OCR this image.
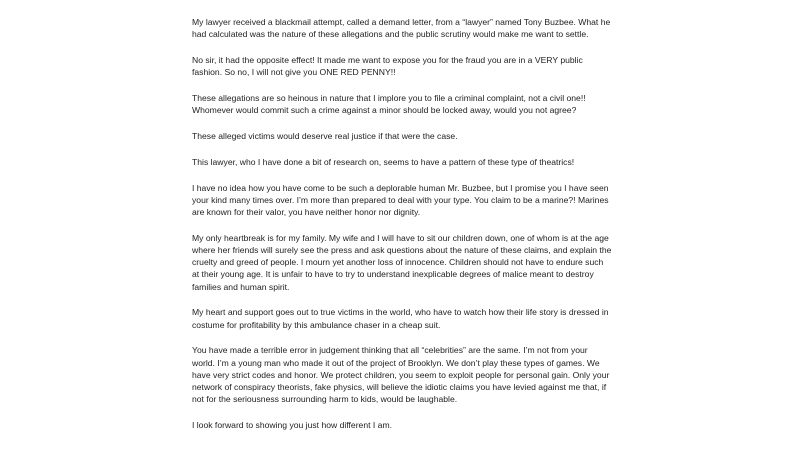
My lawyer received a blackmail attempt, called a demand letter, from a “lawyer” named Tony Buzbee. What he had calculated was the nature of these allegations and the public scrutiny would make me want to settle.

No sir, it had the opposite effect! It made me want to expose you for the fraud you are in a VERY public fashion. So no, I will not give you ONE RED PENNY!!

These allegations are so heinous in nature that I implore you to file a criminal complaint, not a civil one!! Whomever would commit such a crime against a minor should be locked away, would you not agree?

These alleged victims would deserve real justice if that were the case.

This lawyer, who I have done a bit of research on, seems to have a pattern of these type of theatrics!

I have no idea how you have come to be such a deplorable human Mr. Buzbee, but I promise you I have seen your kind many times over. I’m more than prepared to deal with your type. You claim to be a marine?! Marines are known for their valor, you have neither honor nor dignity.

My only heartbreak is for my family. My wife and I will have to sit our children down, one of whom is at the age where her friends will surely see the press and ask questions about the nature of these claims, and explain the cruelty and greed of people. I mourn yet another loss of innocence. Children should not have to endure such at their young age. It is unfair to have to try to understand inexplicable degrees of malice meant to destroy families and human spirit.

My heart and support goes out to true victims in the world, who have to watch how their life story is dressed in costume for profitability by this ambulance chaser in a cheap suit.

You have made a terrible error in judgement thinking that all “celebrities” are the same. I’m not from your world. I’m a young man who made it out of the project of Brooklyn. We don’t play these types of games. We have very strict codes and honor. We protect children, you seem to exploit people for personal gain. Only your network of conspiracy theorists, fake physics, will believe the idiotic claims you have levied against me that, if not for the seriousness surrounding harm to kids, would be laughable.

I look forward to showing you just how different I am.
